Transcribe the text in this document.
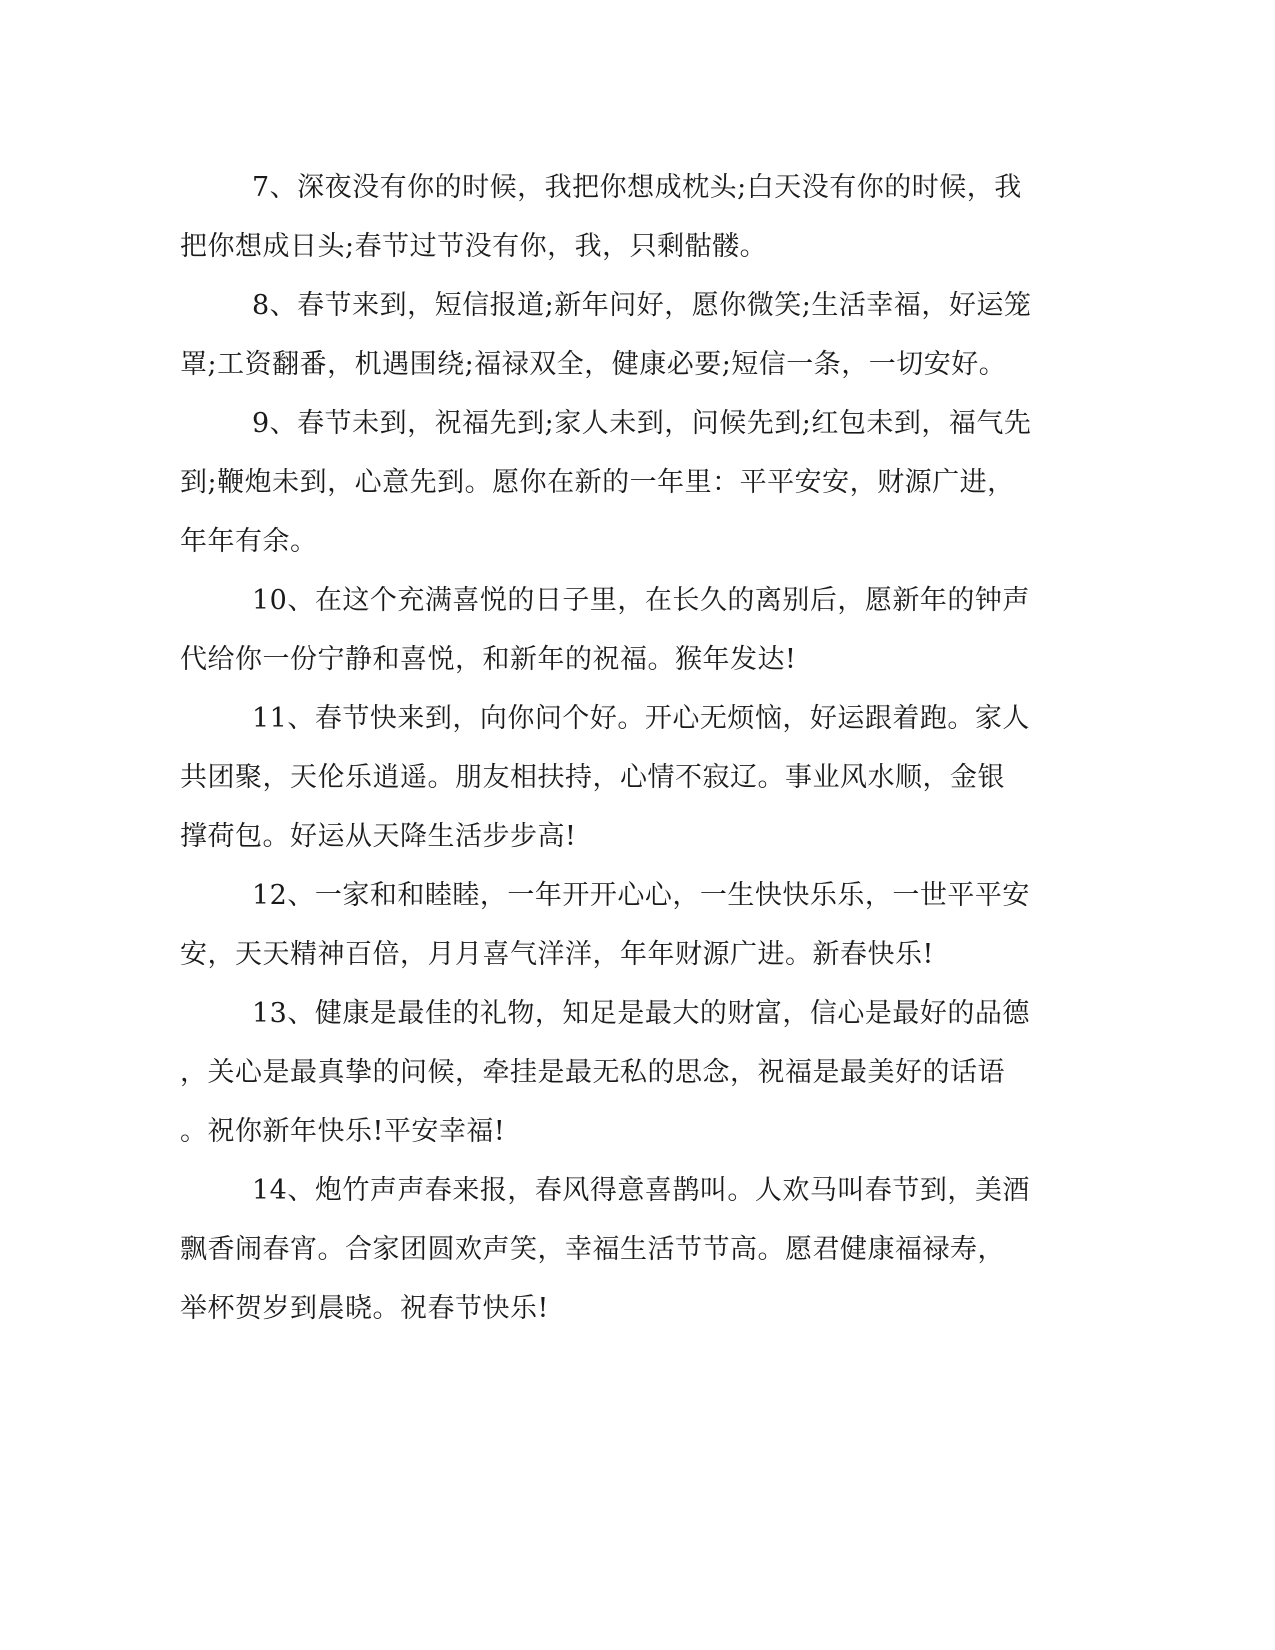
7、深夜没有你的时候，我把你想成枕头;白天没有你的时候，我
把你想成日头;春节过节没有你，我，只剩骷髅。

8、春节来到，短信报道;新年问好，愿你微笑;生活幸福，好运笼
罩;工资翻番，机遇围绕;福禄双全，健康必要;短信一条，一切安好。

9、春节未到，祝福先到;家人未到，问候先到;红包未到，福气先
到;鞭炮未到，心意先到。愿你在新的一年里：平平安安，财源广进，
年年有余。

10、在这个充满喜悦的日子里，在长久的离别后，愿新年的钟声
代给你一份宁静和喜悦，和新年的祝福。猴年发达!

11、春节快来到，向你问个好。开心无烦恼，好运跟着跑。家人
共团聚，天伦乐逍遥。朋友相扶持，心情不寂辽。事业风水顺，金银
撑荷包。好运从天降生活步步高!

12、一家和和睦睦，一年开开心心，一生快快乐乐，一世平平安
安，天天精神百倍，月月喜气洋洋，年年财源广进。新春快乐!

13、健康是最佳的礼物，知足是最大的财富，信心是最好的品德
，关心是最真挚的问候，牵挂是最无私的思念，祝福是最美好的话语
。祝你新年快乐!平安幸福!

14、炮竹声声春来报，春风得意喜鹊叫。人欢马叫春节到，美酒
飘香闹春宵。合家团圆欢声笑，幸福生活节节高。愿君健康福禄寿，
举杯贺岁到晨晓。祝春节快乐!
